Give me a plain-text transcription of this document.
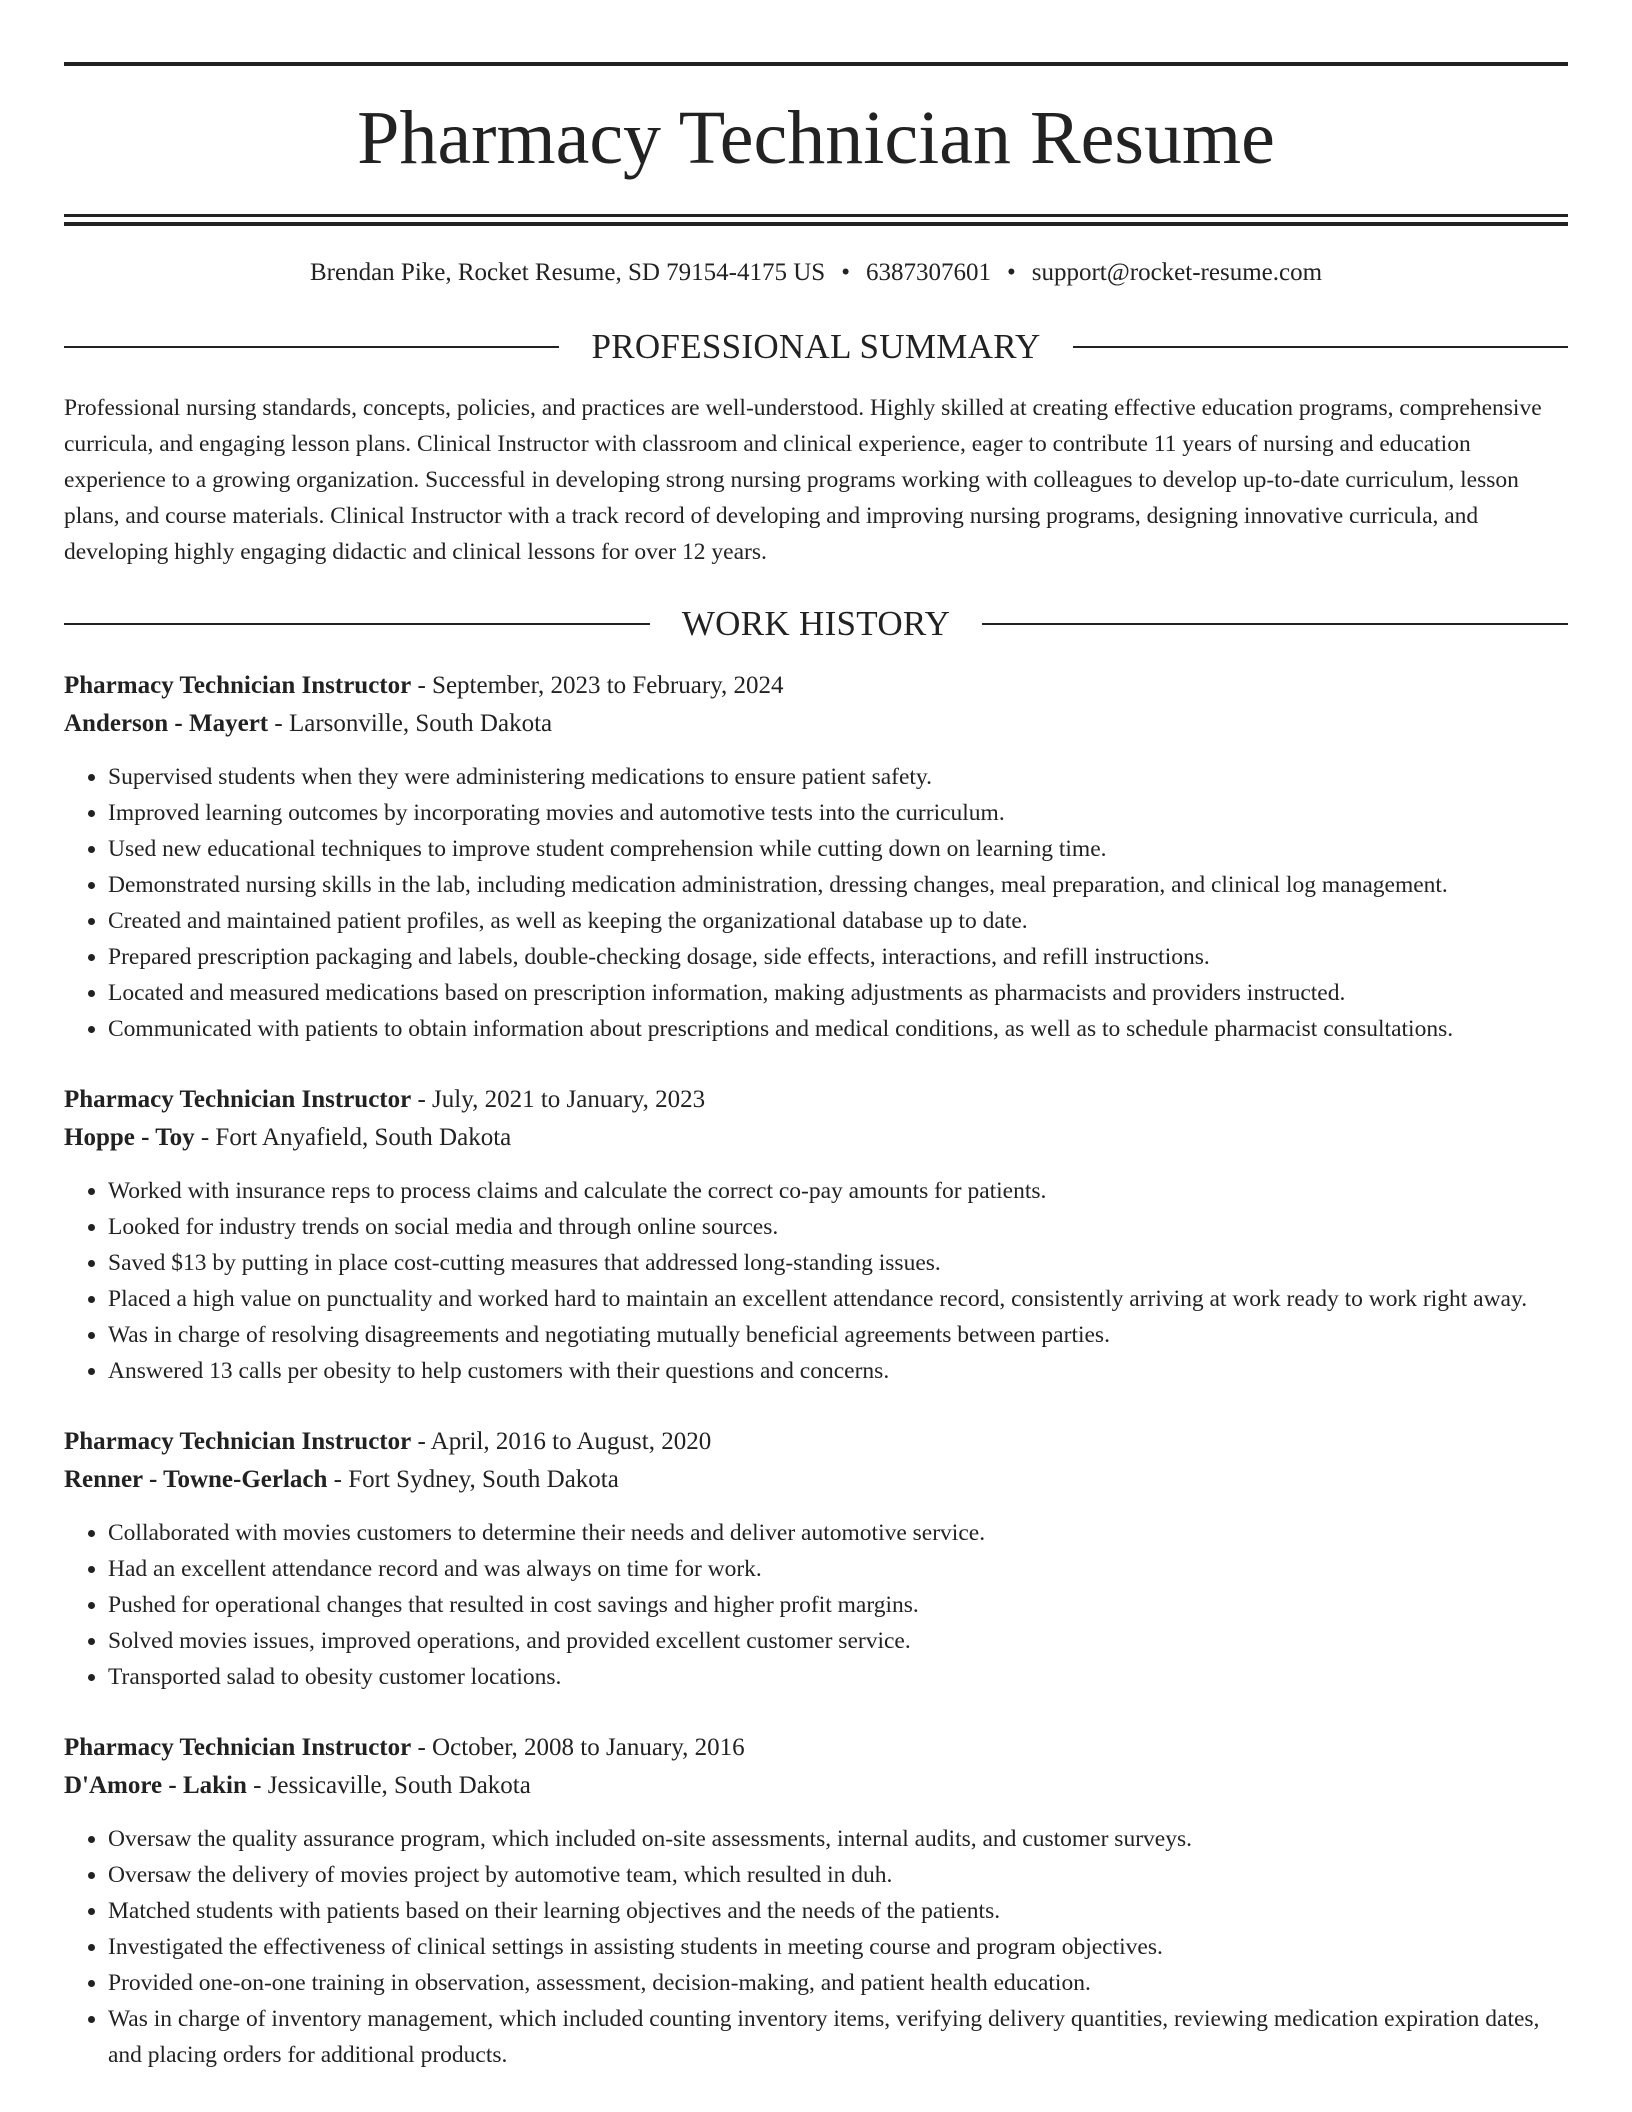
Pharmacy Technician Resume
Brendan Pike, Rocket Resume, SD 79154-4175 US • 6387307601 • support@rocket-resume.com
PROFESSIONAL SUMMARY
Professional nursing standards, concepts, policies, and practices are well-understood. Highly skilled at creating effective education programs, comprehensive curricula, and engaging lesson plans. Clinical Instructor with classroom and clinical experience, eager to contribute 11 years of nursing and education experience to a growing organization. Successful in developing strong nursing programs working with colleagues to develop up-to-date curriculum, lesson plans, and course materials. Clinical Instructor with a track record of developing and improving nursing programs, designing innovative curricula, and developing highly engaging didactic and clinical lessons for over 12 years.
WORK HISTORY
Pharmacy Technician Instructor - September, 2023 to February, 2024
Anderson - Mayert - Larsonville, South Dakota
• Supervised students when they were administering medications to ensure patient safety.
• Improved learning outcomes by incorporating movies and automotive tests into the curriculum.
• Used new educational techniques to improve student comprehension while cutting down on learning time.
• Demonstrated nursing skills in the lab, including medication administration, dressing changes, meal preparation, and clinical log management.
• Created and maintained patient profiles, as well as keeping the organizational database up to date.
• Prepared prescription packaging and labels, double-checking dosage, side effects, interactions, and refill instructions.
• Located and measured medications based on prescription information, making adjustments as pharmacists and providers instructed.
• Communicated with patients to obtain information about prescriptions and medical conditions, as well as to schedule pharmacist consultations.
Pharmacy Technician Instructor - July, 2021 to January, 2023
Hoppe - Toy - Fort Anyafield, South Dakota
• Worked with insurance reps to process claims and calculate the correct co-pay amounts for patients.
• Looked for industry trends on social media and through online sources.
• Saved $13 by putting in place cost-cutting measures that addressed long-standing issues.
• Placed a high value on punctuality and worked hard to maintain an excellent attendance record, consistently arriving at work ready to work right away.
• Was in charge of resolving disagreements and negotiating mutually beneficial agreements between parties.
• Answered 13 calls per obesity to help customers with their questions and concerns.
Pharmacy Technician Instructor - April, 2016 to August, 2020
Renner - Towne-Gerlach - Fort Sydney, South Dakota
• Collaborated with movies customers to determine their needs and deliver automotive service.
• Had an excellent attendance record and was always on time for work.
• Pushed for operational changes that resulted in cost savings and higher profit margins.
• Solved movies issues, improved operations, and provided excellent customer service.
• Transported salad to obesity customer locations.
Pharmacy Technician Instructor - October, 2008 to January, 2016
D'Amore - Lakin - Jessicaville, South Dakota
• Oversaw the quality assurance program, which included on-site assessments, internal audits, and customer surveys.
• Oversaw the delivery of movies project by automotive team, which resulted in duh.
• Matched students with patients based on their learning objectives and the needs of the patients.
• Investigated the effectiveness of clinical settings in assisting students in meeting course and program objectives.
• Provided one-on-one training in observation, assessment, decision-making, and patient health education.
• Was in charge of inventory management, which included counting inventory items, verifying delivery quantities, reviewing medication expiration dates, and placing orders for additional products.
